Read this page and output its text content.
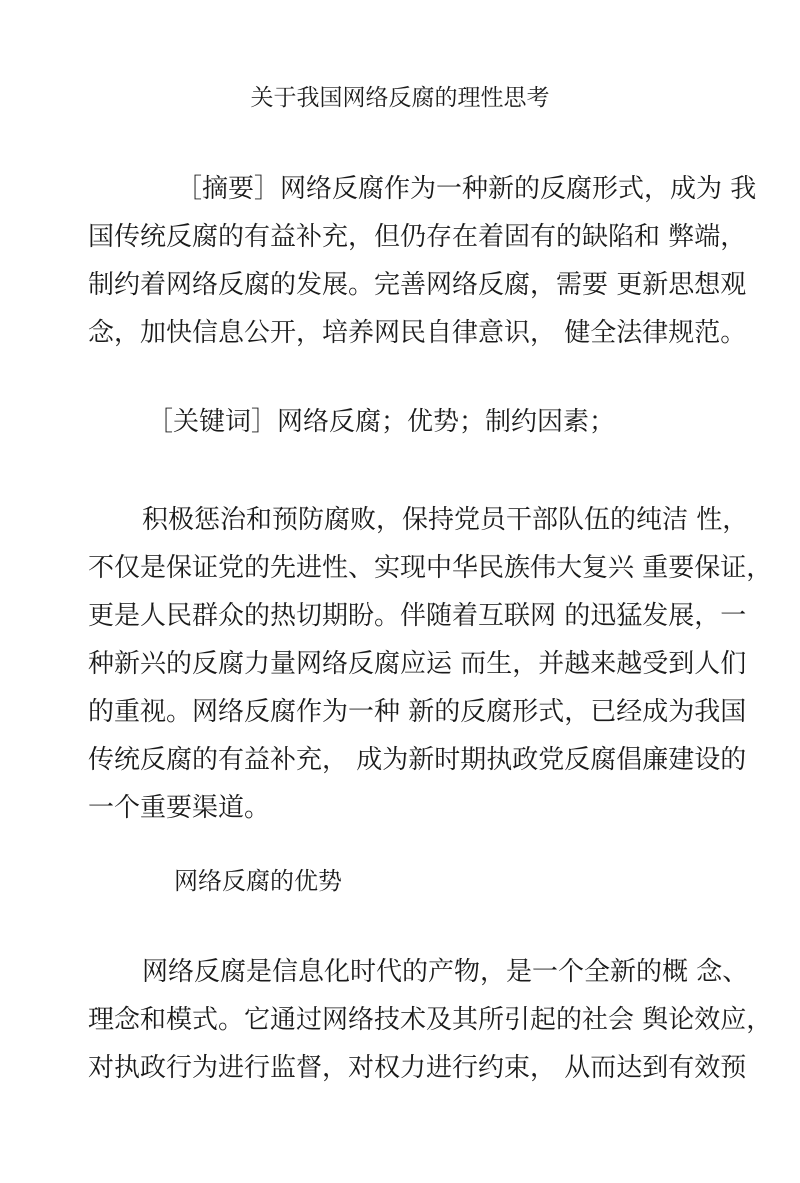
关于我国网络反腐的理性思考
［摘要］网络反腐作为一种新的反腐形式，成为 我
国传统反腐的有益补充，但仍存在着固有的缺陷和 弊端，
制约着网络反腐的发展。完善网络反腐，需要 更新思想观
念，加快信息公开，培养网民自律意识， 健全法律规范。
［关键词］网络反腐；优势；制约因素；
积极惩治和预防腐败，保持党员干部队伍的纯洁 性，
不仅是保证党的先进性、实现中华民族伟大复兴 重要保证，
更是人民群众的热切期盼。伴随着互联网 的迅猛发展，一
种新兴的反腐力量网络反腐应运 而生，并越来越受到人们
的重视。网络反腐作为一种 新的反腐形式，已经成为我国
传统反腐的有益补充， 成为新时期执政党反腐倡廉建设的
一个重要渠道。
网络反腐的优势
网络反腐是信息化时代的产物，是一个全新的概 念、
理念和模式。它通过网络技术及其所引起的社会 舆论效应，
对执政行为进行监督，对权力进行约束， 从而达到有效预
